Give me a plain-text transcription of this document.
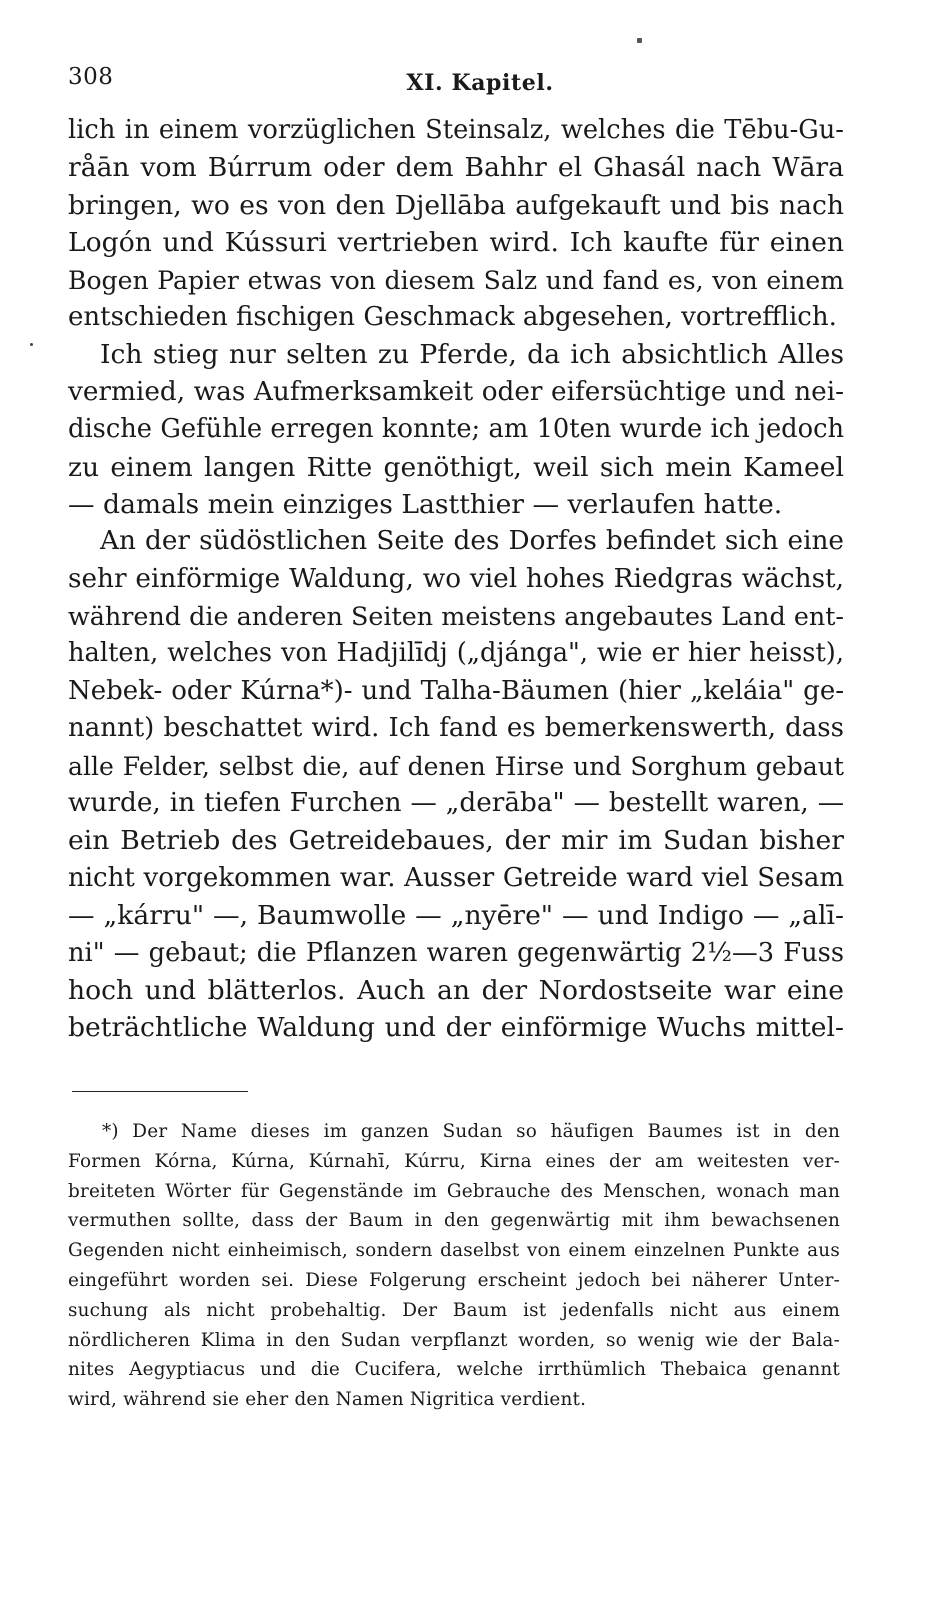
308	XI. Kapitel.
lich in einem vorzüglichen Steinsalz, welches die Tēbu-Gu-
råān vom Búrrum oder dem Bahhr el Ghasál nach Wāra
bringen, wo es von den Djellāba aufgekauft und bis nach
Logón und Kússuri vertrieben wird. Ich kaufte für einen
Bogen Papier etwas von diesem Salz und fand es, von einem
entschieden fischigen Geschmack abgesehen, vortrefflich.
Ich stieg nur selten zu Pferde, da ich absichtlich Alles
vermied, was Aufmerksamkeit oder eifersüchtige und nei-
dische Gefühle erregen konnte; am 10ten wurde ich jedoch
zu einem langen Ritte genöthigt, weil sich mein Kameel
— damals mein einziges Lastthier — verlaufen hatte.
An der südöstlichen Seite des Dorfes befindet sich eine
sehr einförmige Waldung, wo viel hohes Riedgras wächst,
während die anderen Seiten meistens angebautes Land ent-
halten, welches von Hadjilīdj („djánga", wie er hier heisst),
Nebek- oder Kúrna*)- und Talha-Bäumen (hier „keláia" ge-
nannt) beschattet wird. Ich fand es bemerkenswerth, dass
alle Felder, selbst die, auf denen Hirse und Sorghum gebaut
wurde, in tiefen Furchen — „derāba" — bestellt waren, —
ein Betrieb des Getreidebaues, der mir im Sudan bisher
nicht vorgekommen war. Ausser Getreide ward viel Sesam
— „kárru" —, Baumwolle — „nyēre" — und Indigo — „alī-
ni" — gebaut; die Pflanzen waren gegenwärtig 2½—3 Fuss
hoch und blätterlos. Auch an der Nordostseite war eine
beträchtliche Waldung und der einförmige Wuchs mittel-
*) Der Name dieses im ganzen Sudan so häufigen Baumes ist in den
Formen Kórna, Kúrna, Kúrnahī, Kúrru, Kirna eines der am weitesten ver-
breiteten Wörter für Gegenstände im Gebrauche des Menschen, wonach man
vermuthen sollte, dass der Baum in den gegenwärtig mit ihm bewachsenen
Gegenden nicht einheimisch, sondern daselbst von einem einzelnen Punkte aus
eingeführt worden sei. Diese Folgerung erscheint jedoch bei näherer Unter-
suchung als nicht probehaltig. Der Baum ist jedenfalls nicht aus einem
nördlicheren Klima in den Sudan verpflanzt worden, so wenig wie der Bala-
nites Aegyptiacus und die Cucifera, welche irrthümlich Thebaica genannt
wird, während sie eher den Namen Nigritica verdient.
